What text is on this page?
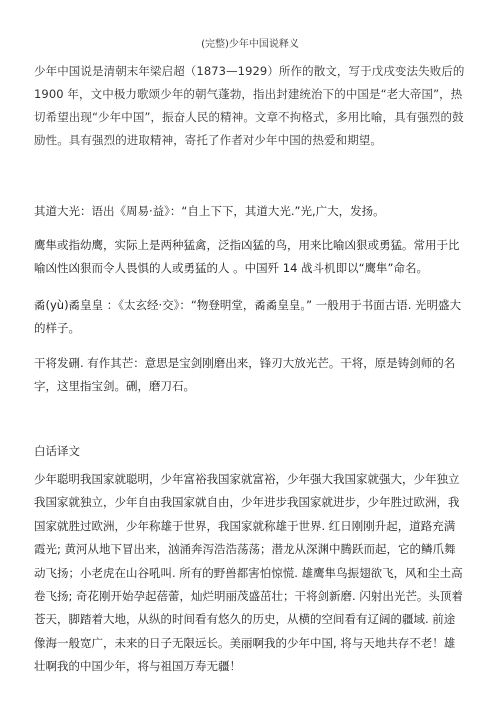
(完整)少年中国说释义

少年中国说是清朝末年梁启超（1873—1929）所作的散文，写于戊戌变法失败后的 1900 年，文中极力歌颂少年的朝气蓬勃，指出封建统治下的中国是“老大帝国”，热切希望出现“少年中国”，振奋人民的精神。文章不拘格式，多用比喻，具有强烈的鼓励性。具有强烈的进取精神，寄托了作者对少年中国的热爱和期望。

其道大光：语出《周易·益》：“自上下下，其道大光.”光,广大，发扬。

鹰隼或指幼鹰，实际上是两种猛禽，泛指凶猛的鸟，用来比喻凶狠或勇猛。常用于比喻凶性凶狠而令人畏惧的人或勇猛的人 。中国歼 14 战斗机即以“鹰隼”命名。

矞(yù)矞皇皇 ：《太玄经·交》：“物登明堂，矞矞皇皇。” 一般用于书面古语. 光明盛大的样子。

干将发硎. 有作其芒：意思是宝剑刚磨出来，锋刃大放光芒。干将，原是铸剑师的名字，这里指宝剑。硎，磨刀石。

白话译文

少年聪明我国家就聪明，少年富裕我国家就富裕，少年强大我国家就强大，少年独立我国家就独立，少年自由我国家就自由，少年进步我国家就进步，少年胜过欧洲，我国家就胜过欧洲，少年称雄于世界，我国家就称雄于世界. 红日刚刚升起，道路充满霞光; 黄河从地下冒出来，汹涌奔泻浩浩荡荡；潜龙从深渊中腾跃而起，它的鳞爪舞动飞扬；小老虎在山谷吼叫. 所有的野兽都害怕惊慌. 雄鹰隼鸟振翅欲飞，风和尘土高卷飞扬; 奇花刚开始孕起蓓蕾，灿烂明丽茂盛茁壮；干将剑新磨. 闪射出光芒。头顶着苍天，脚踏着大地，从纵的时间看有悠久的历史，从横的空间看有辽阔的疆域. 前途像海一般宽广，未来的日子无限远长。美丽啊我的少年中国, 将与天地共存不老！雄壮啊我的中国少年，将与祖国万寿无疆！
